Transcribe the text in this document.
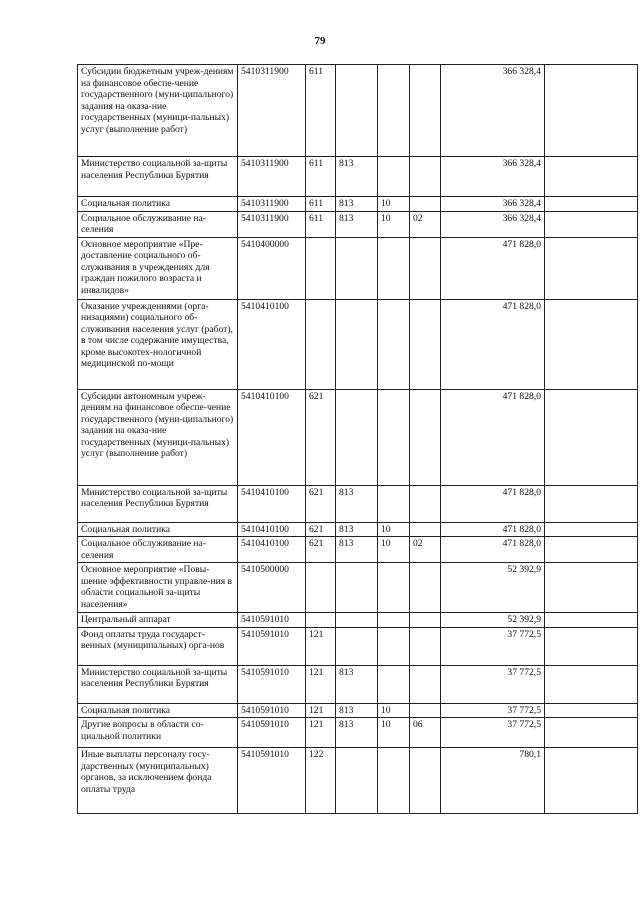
79
Субсидии бюджетным учреж-дениям на финансовое обеспе-чение государственного (муни-ципального) задания на оказа-ние государственных (муници-пальных) услуг (выполнение работ)	5410311900	611				366 328,4	
Министерство социальной за-щиты населения Республики Бурятия	5410311900	611	813			366 328,4	
Социальная политика	5410311900	611	813	10		366 328,4	
Социальное обслуживание на-селения	5410311900	611	813	10	02	366 328,4	
Основное мероприятие «Пре-доставление социального об-служивания в учреждениях для граждан пожилого возраста и инвалидов»	5410400000					471 828,0	
Оказание учреждениями (орга-низациями) социального об-служивания населения услуг (работ), в том числе содержание имущества, кроме высокотех-нологичной медицинской по-мощи	5410410100					471 828,0	
Субсидии автономным учреж-дениям на финансовое обеспе-чение государственного (муни-ципального) задания на оказа-ние государственных (муници-пальных) услуг (выполнение работ)	5410410100	621				471 828,0	
Министерство социальной за-щиты населения Республики Бурятия	5410410100	621	813			471 828,0	
Социальная политика	5410410100	621	813	10		471 828,0	
Социальное обслуживание на-селения	5410410100	621	813	10	02	471 828,0	
Основное мероприятие «Повы-шение эффективности управле-ния в области социальной за-щиты населения»	5410500000					52 392,9	
Центральный аппарат	5410591010					52 392,9	
Фонд оплаты труда государст-венных (муниципальных) орга-нов	5410591010	121				37 772,5	
Министерство социальной за-щиты населения Республики Бурятия	5410591010	121	813			37 772,5	
Социальная политика	5410591010	121	813	10		37 772,5	
Другие вопросы в области со-циальной политики	5410591010	121	813	10	06	37 772,5	
Иные выплаты персоналу госу-дарственных (муниципальных) органов, за исключением фонда оплаты труда	5410591010	122				780,1	
